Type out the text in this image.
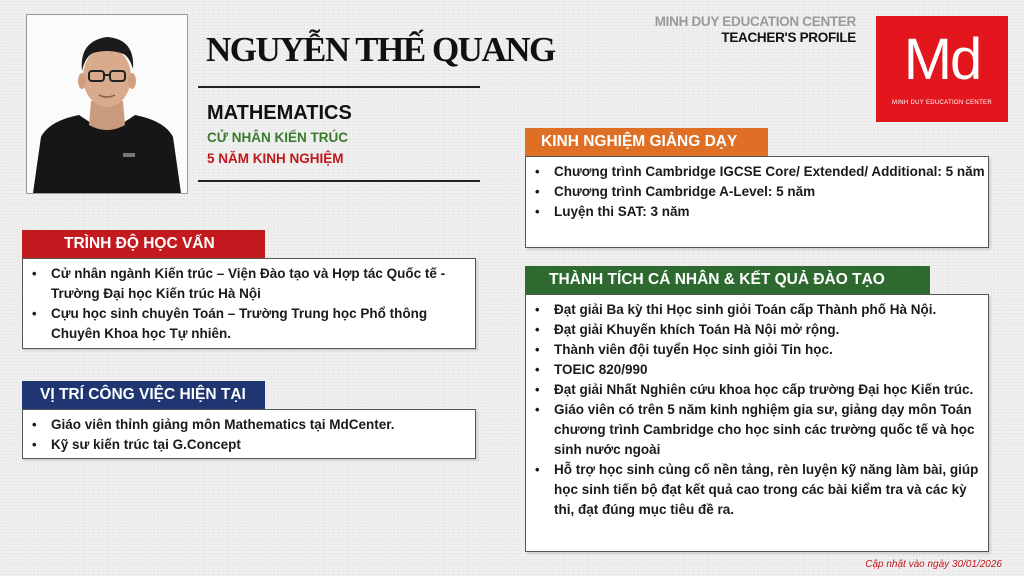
NGUYỄN THẾ QUANG
MATHEMATICS
CỬ NHÂN KIẾN TRÚC
5 NĂM KINH NGHIỆM
MINH DUY EDUCATION CENTER
TEACHER'S PROFILE Md
MINH DUY EDUCATION CENTER
TRÌNH ĐỘ HỌC VẤN
• Cử nhân ngành Kiến trúc – Viện Đào tạo và Hợp tác Quốc tế - Trường Đại học Kiến trúc Hà Nội
• Cựu học sinh chuyên Toán – Trường Trung học Phổ thông Chuyên Khoa học Tự nhiên.
VỊ TRÍ CÔNG VIỆC HIỆN TẠI
• Giáo viên thỉnh giảng môn Mathematics tại MdCenter.
• Kỹ sư kiến trúc tại G.Concept
KINH NGHIỆM GIẢNG DẠY
• Chương trình Cambridge IGCSE Core/ Extended/ Additional: 5 năm
• Chương trình Cambridge A-Level: 5 năm
• Luyện thi SAT: 3 năm
THÀNH TÍCH CÁ NHÂN & KẾT QUẢ ĐÀO TẠO
• Đạt giải Ba kỳ thi Học sinh giỏi Toán cấp Thành phố Hà Nội.
• Đạt giải Khuyến khích Toán Hà Nội mở rộng.
• Thành viên đội tuyển Học sinh giỏi Tin học.
• TOEIC 820/990
• Đạt giải Nhất Nghiên cứu khoa học cấp trường Đại học Kiến trúc.
• Giáo viên có trên 5 năm kinh nghiệm gia sư, giảng dạy môn Toán chương trình Cambridge cho học sinh các trường quốc tế và học sinh nước ngoài
• Hỗ trợ học sinh củng cố nền tảng, rèn luyện kỹ năng làm bài, giúp học sinh tiến bộ đạt kết quả cao trong các bài kiểm tra và các kỳ thi, đạt đúng mục tiêu đề ra.
Cập nhật vào ngày 30/01/2026
